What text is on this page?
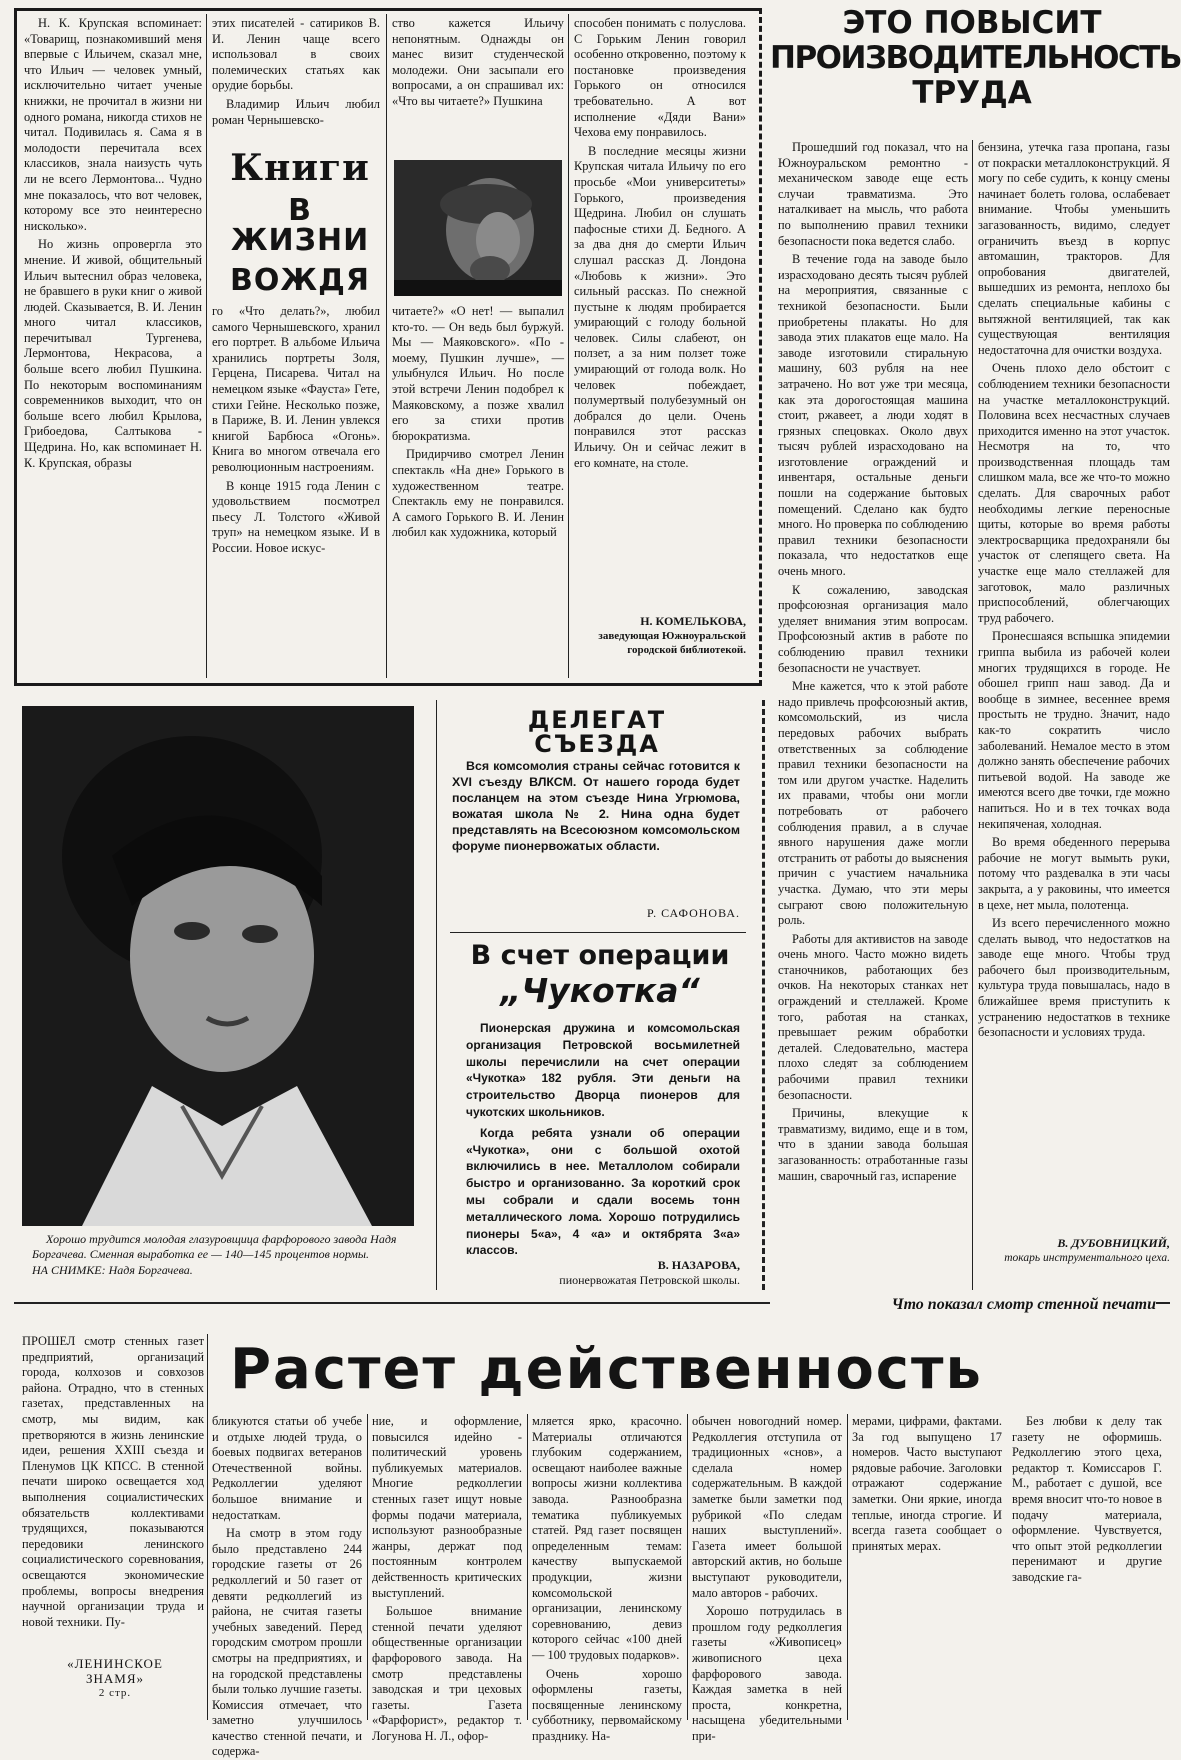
Н. К. Крупская вспоминает: «Товарищ, познакомивший меня впервые с Ильичем, сказал мне, что Ильич — человек умный, исключительно читает ученые книжки, не прочитал в жизни ни одного романа, никогда стихов не читал. Подивилась я. Сама я в молодости перечитала всех классиков, знала наизусть чуть ли не всего Лермонтова... Чудно мне показалось, что вот человек, которому все это неинтересно нисколько».

Но жизнь опровергла это мнение. И живой, общительный Ильич вытеснил образ человека, не бравшего в руки книг о живой людей. Сказывается, В. И. Ленин много читал классиков, перечитывал Тургенева, Лермонтова, Некрасова, а больше всего любил Пушкина. По некоторым воспоминаниям современников выходит, что он больше всего любил Крылова, Грибоедова, Салтыкова - Щедрина. Но, как вспоминает Н. К. Крупская, образы

этих писателей - сатириков В. И. Ленин чаще всего использовал в своих полемических статьях как орудие борьбы.

Владимир Ильич любил роман Чернышевско-

Книги
В ЖИЗНИ
ВОЖДЯ

го «Что делать?», любил самого Чернышевского, хранил его портрет. В альбоме Ильича хранились портреты Золя, Герцена, Писарева. Читал на немецком языке «Фауста» Гете, стихи Гейне. Несколько позже, в Париже, В. И. Ленин увлекся книгой Барбюса «Огонь». Книга во многом отвечала его революционным настроениям.

В конце 1915 года Ленин с удовольствием посмотрел пьесу Л. Толстого «Живой труп» на немецком языке. И в России. Новое искус-

ство кажется Ильичу непонятным. Однажды он манес визит студенческой молодежи. Они засыпали его вопросами, а он спрашивал их: «Что вы читаете?» Пушкина

читаете?» «О нет! — выпалил кто-то. — Он ведь был буржуй. Мы — Маяковского». «По - моему, Пушкин лучше», — улыбнулся Ильич. Но после этой встречи Ленин подобрел к Маяковскому, а позже хвалил его за стихи против бюрократизма.

Придирчиво смотрел Ленин спектакль «На дне» Горького в художественном театре. Спектакль ему не понравился. А самого Горького В. И. Ленин любил как художника, который

способен понимать с полуслова. С Горьким Ленин говорил особенно откровенно, поэтому к постановке произведения Горького он относился требовательно. А вот исполнение «Дяди Вани» Чехова ему понравилось.

В последние месяцы жизни Крупская читала Ильичу по его просьбе «Мои университеты» Горького, произведения Щедрина. Любил он слушать пафосные стихи Д. Бедного. А за два дня до смерти Ильич слушал рассказ Д. Лондона «Любовь к жизни». Это сильный рассказ. По снежной пустыне к людям пробирается умирающий с голоду больной человек. Силы слабеют, он ползет, а за ним ползет тоже умирающий от голода волк. Но человек побеждает, полумертвый полубезумный он добрался до цели. Очень понравился этот рассказ Ильичу. Он и сейчас лежит в его комнате, на столе.

Н. КОМЕЛЬКОВА,
заведующая Южноуральской городской библиотекой.
ЭТО ПОВЫСИТ
ПРОИЗВОДИТЕЛЬНОСТЬ
ТРУДА

Прошедший год показал, что на Южноуральском ремонтно - механическом заводе еще есть случаи травматизма. Это наталкивает на мысль, что работа по выполнению правил техники безопасности пока ведется слабо.

В течение года на заводе было израсходовано десять тысяч рублей на мероприятия, связанные с техникой безопасности. Были приобретены плакаты. Но для завода этих плакатов еще мало. На заводе изготовили стиральную машину, 603 рубля на нее затрачено. Но вот уже три месяца, как эта дорогостоящая машина стоит, ржавеет, а люди ходят в грязных спецовках. Около двух тысяч рублей израсходовано на изготовление ограждений и инвентаря, остальные деньги пошли на содержание бытовых помещений. Сделано как будто много. Но проверка по соблюдению правил техники безопасности показала, что недостатков еще очень много.

К сожалению, заводская профсоюзная организация мало уделяет внимания этим вопросам. Профсоюзный актив в работе по соблюдению правил техники безопасности не участвует.

Мне кажется, что к этой работе надо привлечь профсоюзный актив, комсомольский, из числа передовых рабочих выбрать ответственных за соблюдение правил техники безопасности на том или другом участке. Наделить их правами, чтобы они могли потребовать от рабочего соблюдения правил, а в случае явного нарушения даже могли отстранить от работы до выяснения причин с участием начальника участка. Думаю, что эти меры сыграют свою положительную роль.

Работы для активистов на заводе очень много. Часто можно видеть станочников, работающих без очков. На некоторых станках нет ограждений и стеллажей. Кроме того, работая на станках, превышает режим обработки деталей. Следовательно, мастера плохо следят за соблюдением рабочими правил техники безопасности.

Причины, влекущие к травматизму, видимо, еще и в том, что в здании завода большая загазованность: отработанные газы машин, сварочный газ, испарение

бензина, утечка газа пропана, газы от покраски металлоконструкций. Я могу по себе судить, к концу смены начинает болеть голова, ослабевает внимание. Чтобы уменьшить загазованность, видимо, следует ограничить въезд в корпус автомашин, тракторов. Для опробования двигателей, вышедших из ремонта, неплохо бы сделать специальные кабины с вытяжной вентиляцией, так как существующая вентиляция недостаточна для очистки воздуха.

Очень плохо дело обстоит с соблюдением техники безопасности на участке металлоконструкций. Половина всех несчастных случаев приходится именно на этот участок. Несмотря на то, что производственная площадь там слишком мала, все же что-то можно сделать. Для сварочных работ необходимы легкие переносные щиты, которые во время работы электросварщика предохраняли бы участок от слепящего света. На участке еще мало стеллажей для заготовок, мало различных приспособлений, облегчающих труд рабочего.

Пронесшаяся вспышка эпидемии гриппа выбила из рабочей колеи многих трудящихся в городе. Не обошел грипп наш завод. Да и вообще в зимнее, весеннее время простыть не трудно. Значит, надо как-то сократить число заболеваний. Немалое место в этом должно занять обеспечение рабочих питьевой водой. На заводе же имеются всего две точки, где можно напиться. Но и в тех точках вода некипяченая, холодная.

Во время обеденного перерыва рабочие не могут вымыть руки, потому что раздевалка в эти часы закрыта, а у раковины, что имеется в цехе, нет мыла, полотенца.

Из всего перечисленного можно сделать вывод, что недостатков на заводе еще много. Чтобы труд рабочего был производительным, культура труда повышалась, надо в ближайшее время приступить к устранению недостатков в технике безопасности и условиях труда.

В. ДУБОВНИЦКИЙ,
токарь инструментального цеха.
Хорошо трудится молодая глазуровщица фарфорового завода Надя Боргачева. Сменная выработка ее — 140—145 процентов нормы.
НА СНИМКЕ: Надя Боргачева.
ДЕЛЕГАТ
СЪЕЗДА
Вся комсомолия страны сейчас готовится к XVI съезду ВЛКСМ. От нашего города будет посланцем на этом съезде Нина Угрюмова, вожатая школа № 2. Нина одна будет представлять на Всесоюзном комсомольском форуме пионервожатых области.
Р. САФОНОВА.
В счет операции
„Чукотка“
Пионерская дружина и комсомольская организация Петровской восьмилетней школы перечислили на счет операции «Чукотка» 182 рубля. Эти деньги на строительство Дворца пионеров для чукотских школьников.
Когда ребята узнали об операции «Чукотка», они с большой охотой включились в нее. Металлолом собирали быстро и организованно. За короткий срок мы собрали и сдали восемь тонн металлического лома. Хорошо потрудились пионеры 5«а», 4 «а» и октябрята 3«а» классов.
В. НАЗАРОВА,
пионервожатая Петровской школы.
Что показал смотр стенной печати
Растет действенность

ПРОШЕЛ смотр стенных газет предприятий, организаций города, колхозов и совхозов района. Отрадно, что в стенных газетах, представленных на смотр, мы видим, как претворяются в жизнь ленинские идеи, решения XXIII съезда и Пленумов ЦК КПСС. В стенной печати широко освещается ход выполнения социалистических обязательств коллективами трудящихся, показываются передовики ленинского социалистического соревнования, освещаются экономические проблемы, вопросы внедрения научной организации труда и новой техники. Пу-

бликуются статьи об учебе и отдыхе людей труда, о боевых подвигах ветеранов Отечественной войны. Редколлегии уделяют большое внимание и недостаткам.

На смотр в этом году было представлено 244 городские газеты от 26 редколлегий и 50 газет от девяти редколлегий из района, не считая газеты учебных заведений. Перед городским смотром прошли смотры на предприятиях, и на городской представлены были только лучшие газеты. Комиссия отмечает, что заметно улучшилось качество стенной печати, и содержа-

ние, и оформление, повысился идейно - политический уровень публикуемых материалов. Многие редколлегии стенных газет ищут новые формы подачи материала, используют разнообразные жанры, держат под постоянным контролем действенность критических выступлений.

Большое внимание стенной печати уделяют общественные организации фарфорового завода. На смотр представлены заводская и три цеховых газеты. Газета «Фарфорист», редактор т. Логунова Н. Л., офор-

мляется ярко, красочно. Материалы отличаются глубоким содержанием, освещают наиболее важные вопросы жизни коллектива завода. Разнообразна тематика публикуемых статей. Ряд газет посвящен определенным темам: качеству выпускаемой продукции, жизни комсомольской организации, ленинскому соревнованию, девиз которого сейчас «100 дней — 100 трудовых подарков».

Очень хорошо оформлены газеты, посвященные ленинскому субботнику, первомайскому празднику. На-

обычен новогодний номер. Редколлегия отступила от традиционных «снов», а сделала номер содержательным. В каждой заметке были заметки под рубрикой «По следам наших выступлений». Газета имеет большой авторский актив, но больше выступают руководители, мало авторов - рабочих.

Хорошо потрудилась в прошлом году редколлегия газеты «Живописец» живописного цеха фарфорового завода. Каждая заметка в ней проста, конкретна, насыщена убедительными при-

мерами, цифрами, фактами. За год выпущено 17 номеров. Часто выступают рядовые рабочие. Заголовки отражают содержание заметки. Они яркие, иногда теплые, иногда строгие. И всегда газета сообщает о принятых мерах.

Без любви к делу так газету не оформишь. Редколлегию этого цеха, редактор т. Комиссаров Г. М., работает с душой, все время вносит что-то новое в подачу материала, оформление. Чувствуется, что опыт этой редколлегии перенимают и другие заводские га-

«ЛЕНИНСКОЕ
ЗНАМЯ»
2 стр.
